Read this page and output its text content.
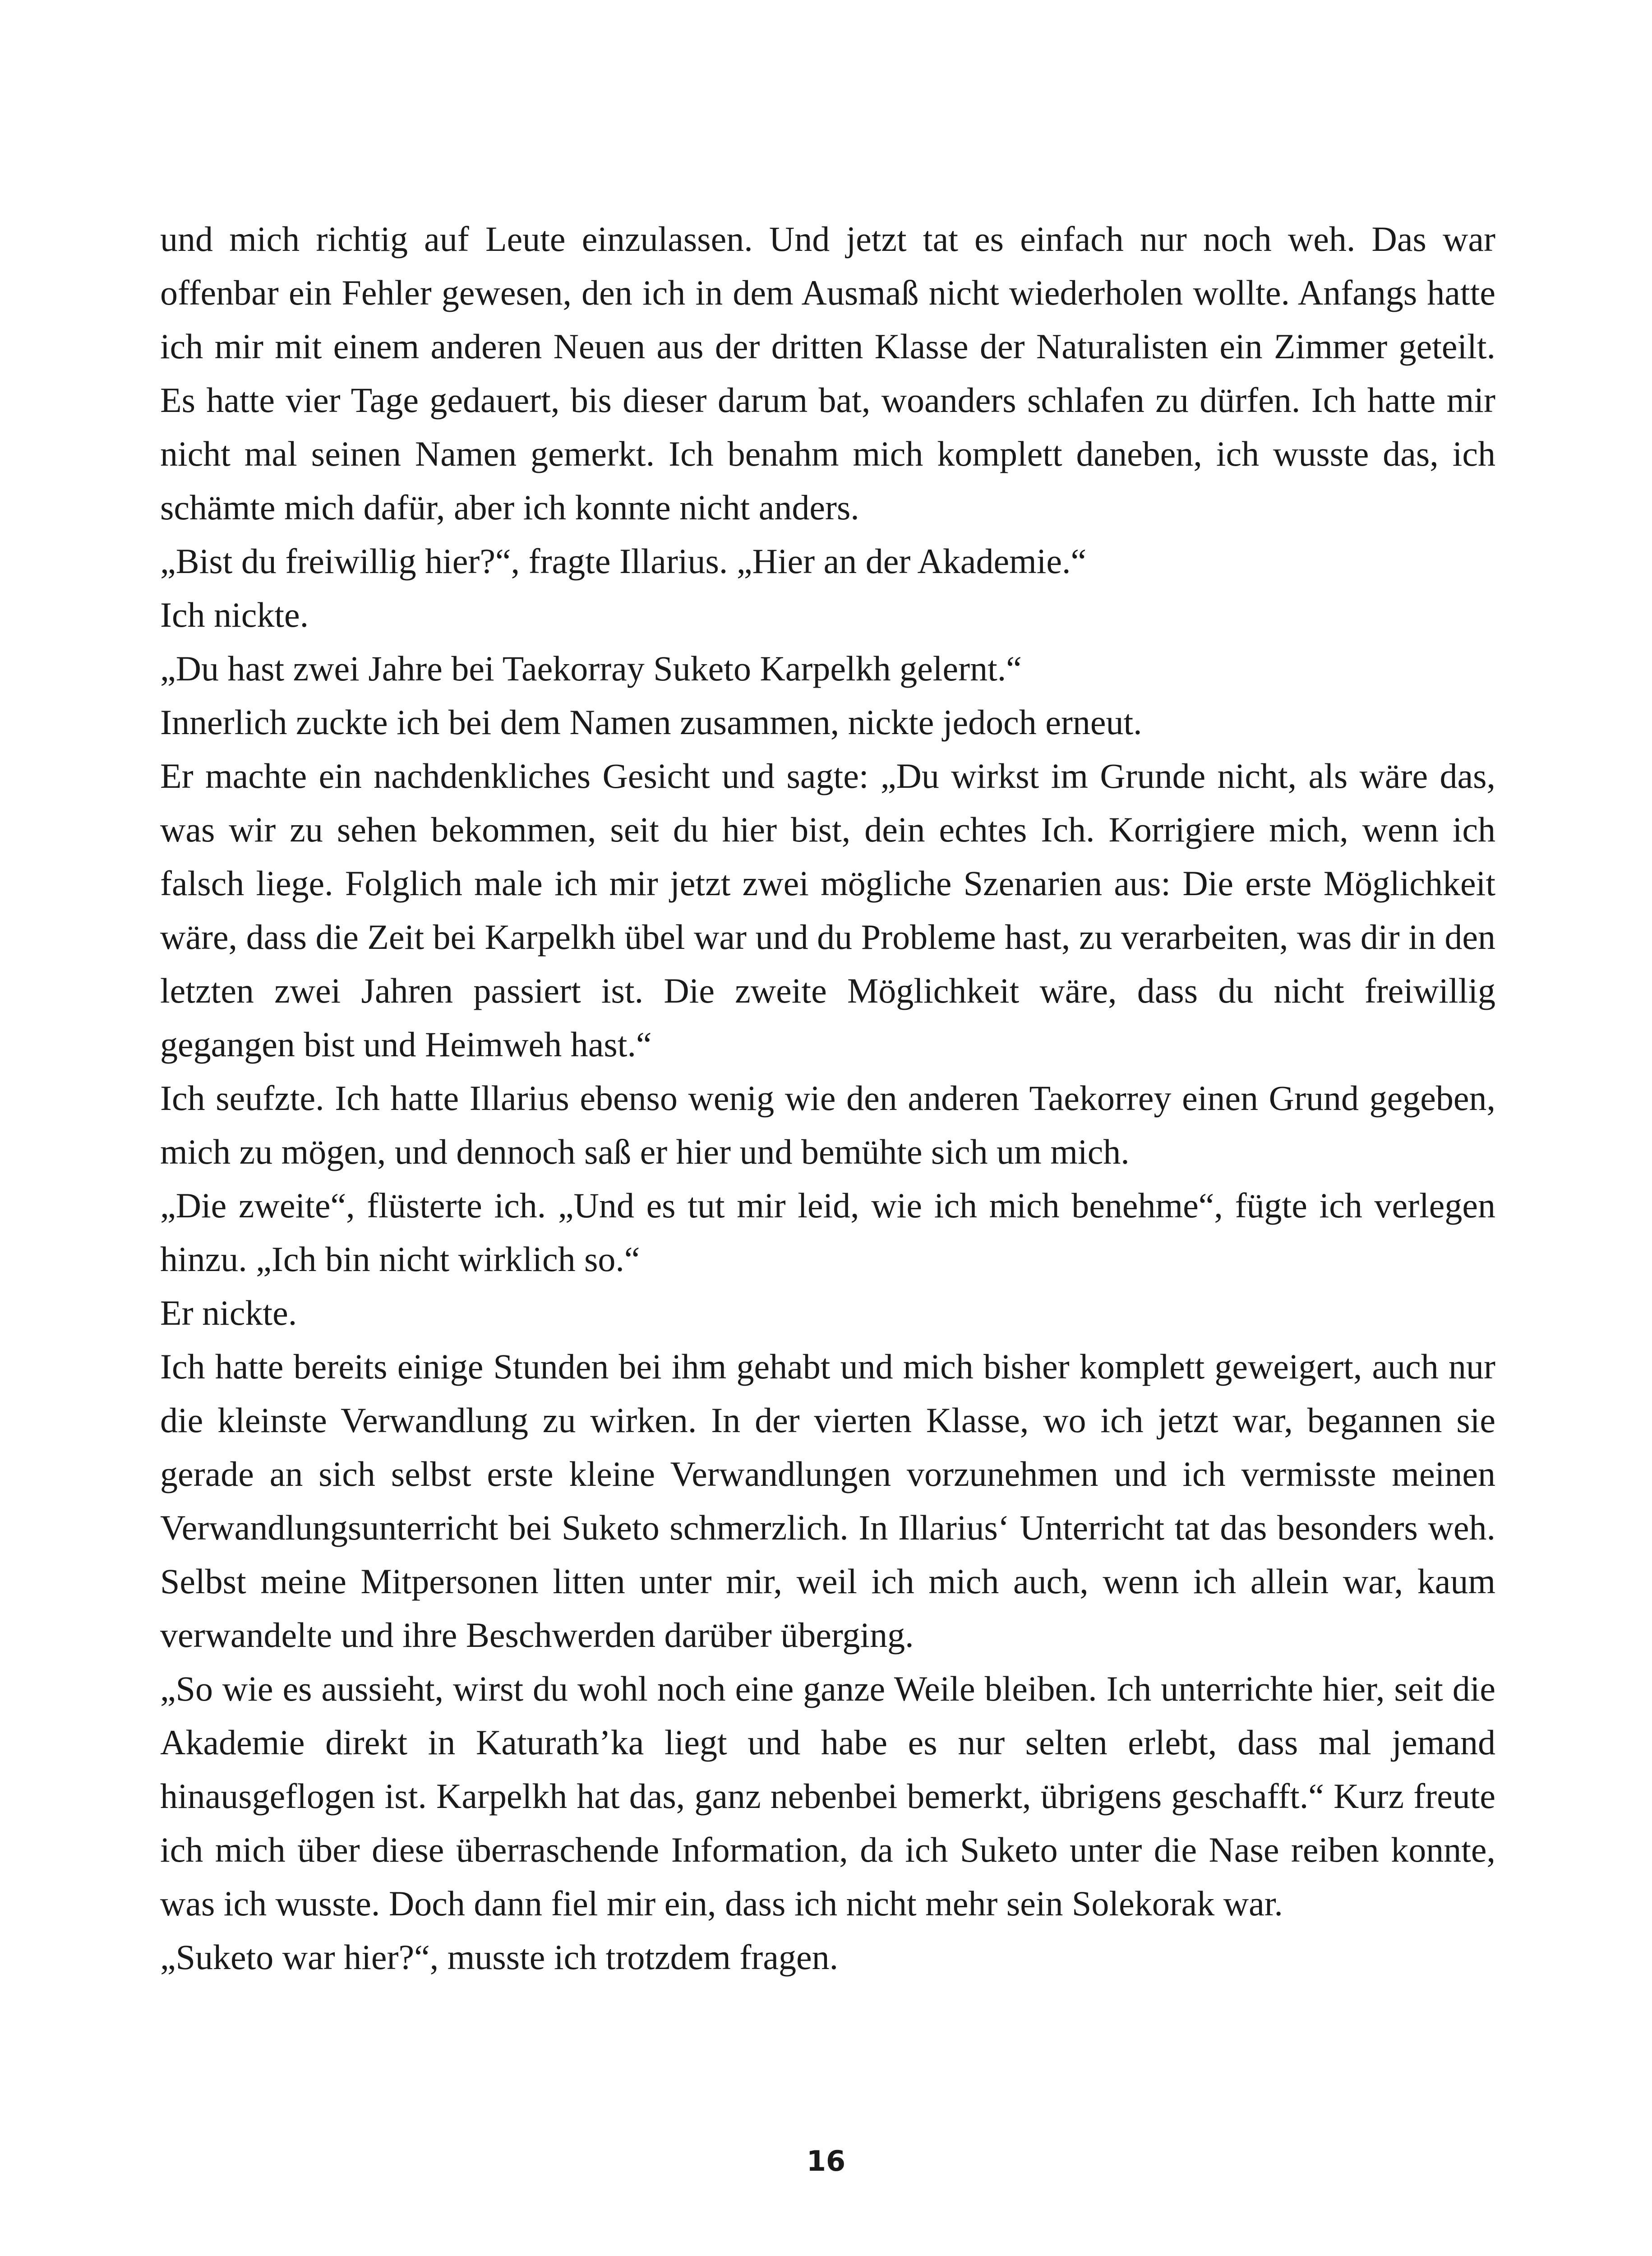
und mich richtig auf Leute einzulassen. Und jetzt tat es einfach nur noch weh. Das war offenbar ein Fehler gewesen, den ich in dem Ausmaß nicht wiederholen wollte. Anfangs hatte ich mir mit einem anderen Neuen aus der dritten Klasse der Naturalisten ein Zimmer geteilt. Es hatte vier Tage gedauert, bis dieser darum bat, woanders schlafen zu dürfen. Ich hatte mir nicht mal seinen Namen gemerkt. Ich benahm mich komplett daneben, ich wusste das, ich schämte mich dafür, aber ich konnte nicht anders.

„Bist du freiwillig hier?“, fragte Illarius. „Hier an der Akademie.“

Ich nickte.

„Du hast zwei Jahre bei Taekorray Suketo Karpelkh gelernt.“

Innerlich zuckte ich bei dem Namen zusammen, nickte jedoch erneut.

Er machte ein nachdenkliches Gesicht und sagte: „Du wirkst im Grunde nicht, als wäre das, was wir zu sehen bekommen, seit du hier bist, dein echtes Ich. Korrigiere mich, wenn ich falsch liege. Folglich male ich mir jetzt zwei mögliche Szenarien aus: Die erste Möglichkeit wäre, dass die Zeit bei Karpelkh übel war und du Probleme hast, zu verarbeiten, was dir in den letzten zwei Jahren passiert ist. Die zweite Möglichkeit wäre, dass du nicht freiwillig gegangen bist und Heimweh hast.“

Ich seufzte. Ich hatte Illarius ebenso wenig wie den anderen Taekorrey einen Grund gegeben, mich zu mögen, und dennoch saß er hier und bemühte sich um mich.

„Die zweite“, flüsterte ich. „Und es tut mir leid, wie ich mich benehme“, fügte ich verlegen hinzu. „Ich bin nicht wirklich so.“

Er nickte.

Ich hatte bereits einige Stunden bei ihm gehabt und mich bisher komplett geweigert, auch nur die kleinste Verwandlung zu wirken. In der vierten Klasse, wo ich jetzt war, begannen sie gerade an sich selbst erste kleine Verwandlungen vorzunehmen und ich vermisste meinen Verwandlungsunterricht bei Suketo schmerzlich. In Illarius‘ Unterricht tat das besonders weh. Selbst meine Mitpersonen litten unter mir, weil ich mich auch, wenn ich allein war, kaum verwandelte und ihre Beschwerden darüber überging.

„So wie es aussieht, wirst du wohl noch eine ganze Weile bleiben. Ich unterrichte hier, seit die Akademie direkt in Katurath’ka liegt und habe es nur selten erlebt, dass mal jemand hinausgeflogen ist. Karpelkh hat das, ganz nebenbei bemerkt, übrigens geschafft.“ Kurz freute ich mich über diese überraschende Information, da ich Suketo unter die Nase reiben konnte, was ich wusste. Doch dann fiel mir ein, dass ich nicht mehr sein Solekorak war.

„Suketo war hier?“, musste ich trotzdem fragen.

16
